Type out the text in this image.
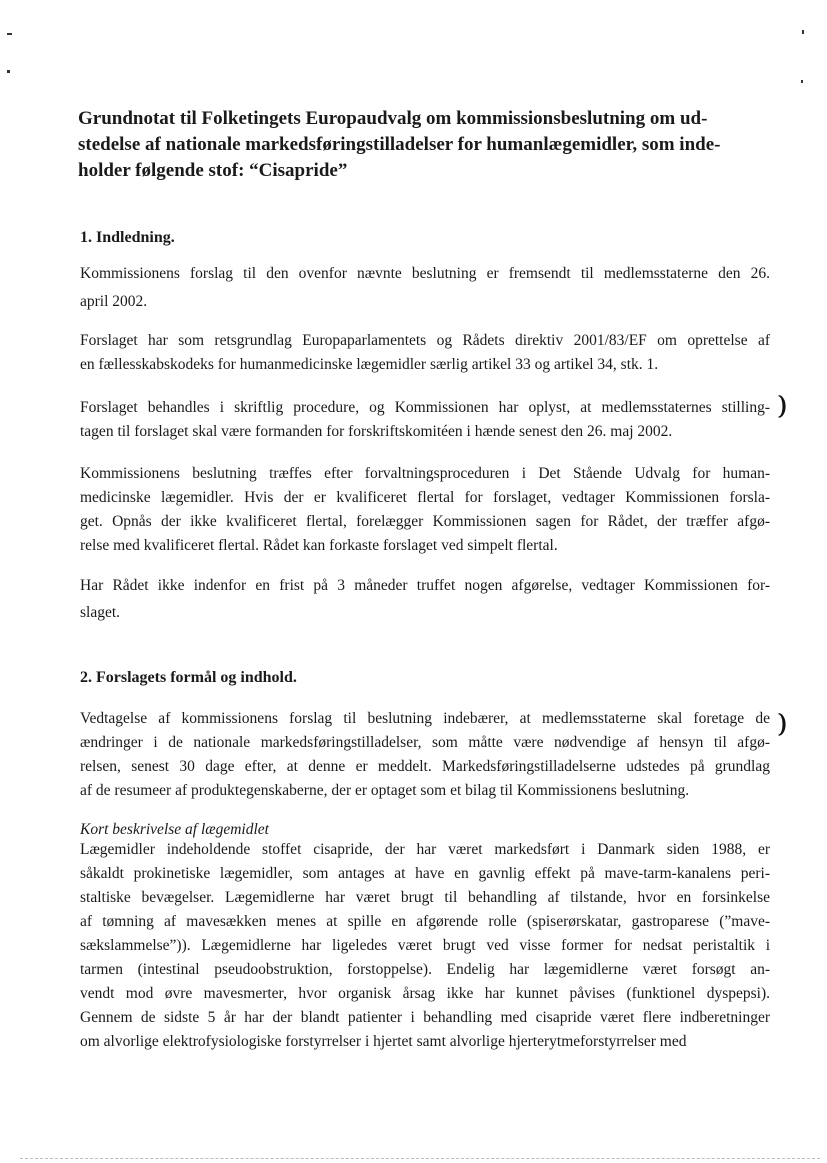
❩
❩
Grundnotat til Folketingets Europaudvalg om kommissionsbeslutning om ud-
stedelse af nationale markedsføringstilladelser for humanlægemidler, som inde-
holder følgende stof: “Cisapride”
1. Indledning.
Kommissionens forslag til den ovenfor nævnte beslutning er fremsendt til medlemsstaterne den 26.
april 2002.
Forslaget har som retsgrundlag Europaparlamentets og Rådets direktiv 2001/83/EF om oprettelse af
en fællesskabskodeks for humanmedicinske lægemidler særlig artikel 33 og artikel 34, stk. 1.
Forslaget behandles i skriftlig procedure, og Kommissionen har oplyst, at medlemsstaternes stilling-
tagen til forslaget skal være formanden for forskriftskomitéen i hænde senest den 26. maj 2002.
Kommissionens beslutning træffes efter forvaltningsproceduren i Det Stående Udvalg for human-
medicinske lægemidler. Hvis der er kvalificeret flertal for forslaget, vedtager Kommissionen forsla-
get. Opnås der ikke kvalificeret flertal, forelægger Kommissionen sagen for Rådet, der træffer afgø-
relse med kvalificeret flertal. Rådet kan forkaste forslaget ved simpelt flertal.
Har Rådet ikke indenfor en frist på 3 måneder truffet nogen afgørelse, vedtager Kommissionen for-
slaget.
2. Forslagets formål og indhold.
Vedtagelse af kommissionens forslag til beslutning indebærer, at medlemsstaterne skal foretage de
ændringer i de nationale markedsføringstilladelser, som måtte være nødvendige af hensyn til afgø-
relsen, senest 30 dage efter, at denne er meddelt. Markedsføringstilladelserne udstedes på grundlag
af de resumeer af produktegenskaberne, der er optaget som et bilag til Kommissionens beslutning.
Kort beskrivelse af lægemidlet
Lægemidler indeholdende stoffet cisapride, der har været markedsført i Danmark siden 1988, er
såkaldt prokinetiske lægemidler, som antages at have en gavnlig effekt på mave-tarm-kanalens peri-
staltiske bevægelser. Lægemidlerne har været brugt til behandling af tilstande, hvor en forsinkelse
af tømning af mavesækken menes at spille en afgørende rolle (spiserørskatar, gastroparese (”mave-
sækslammelse”)). Lægemidlerne har ligeledes været brugt ved visse former for nedsat peristaltik i
tarmen (intestinal pseudoobstruktion, forstoppelse). Endelig har lægemidlerne været forsøgt an-
vendt mod øvre mavesmerter, hvor organisk årsag ikke har kunnet påvises (funktionel dyspepsi).
Gennem de sidste 5 år har der blandt patienter i behandling med cisapride været flere indberetninger
om alvorlige elektrofysiologiske forstyrrelser i hjertet samt alvorlige hjerterytmeforstyrrelser med
